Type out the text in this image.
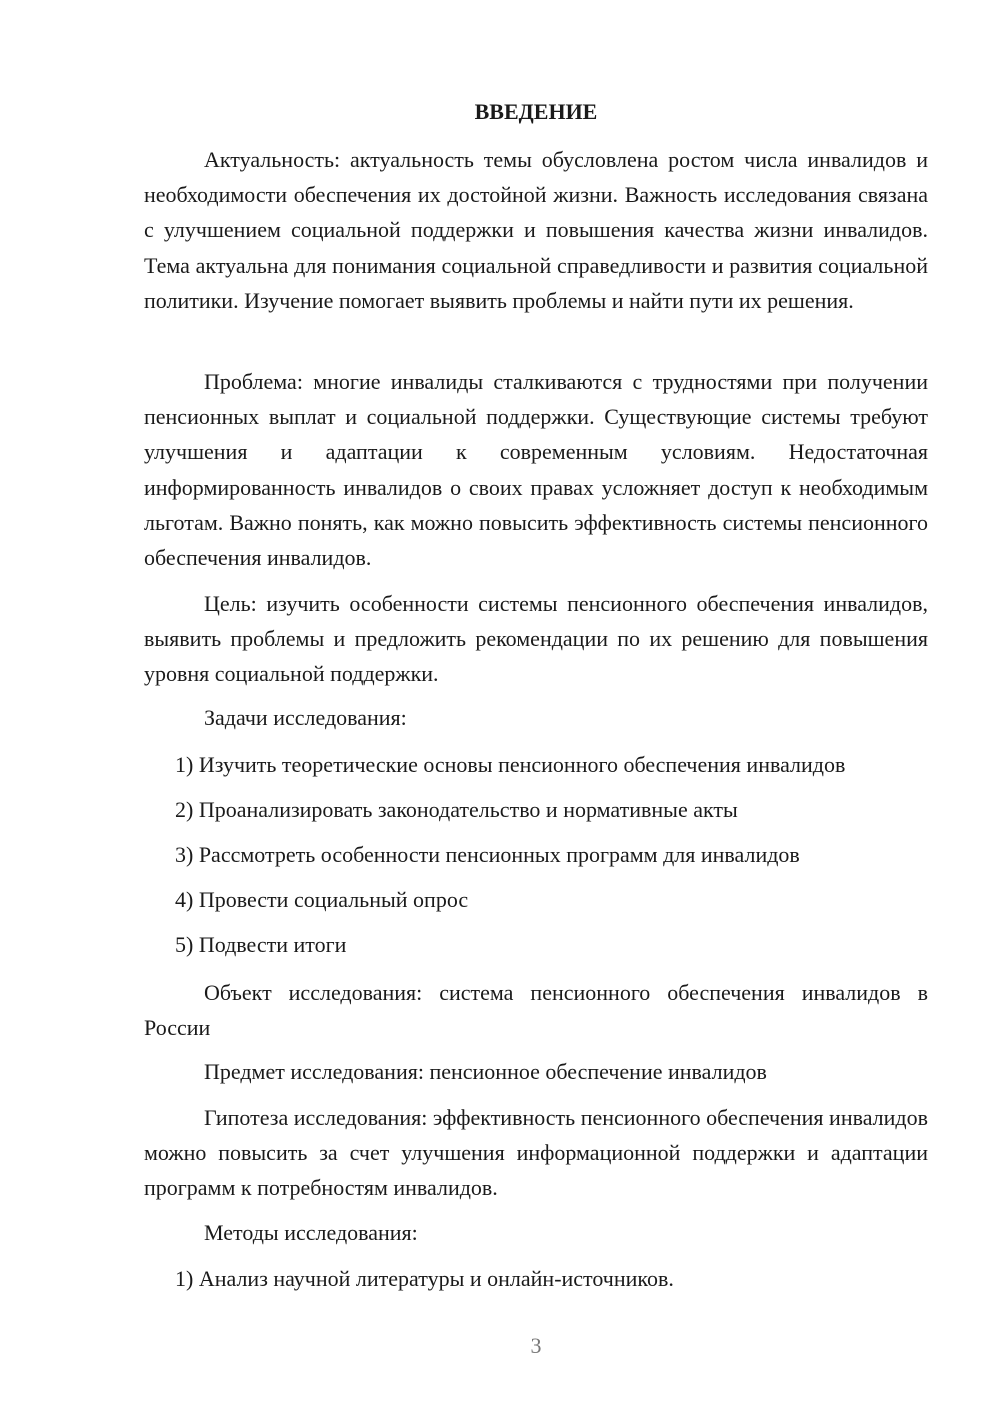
ВВЕДЕНИЕ

Актуальность: актуальность темы обусловлена ростом числа инвалидов и необходимости обеспечения их достойной жизни. Важность исследования связана с улучшением социальной поддержки и повышения качества жизни инвалидов. Тема актуальна для понимания социальной справедливости и развития социальной политики. Изучение помогает выявить проблемы и найти пути их решения.

Проблема: многие инвалиды сталкиваются с трудностями при получении пенсионных выплат и социальной поддержки. Существующие системы требуют улучшения и адаптации к современным условиям. Недостаточная информированность инвалидов о своих правах усложняет доступ к необходимым льготам. Важно понять, как можно повысить эффективность системы пенсионного обеспечения инвалидов.

Цель: изучить особенности системы пенсионного обеспечения инвалидов, выявить проблемы и предложить рекомендации по их решению для повышения уровня социальной поддержки.

Задачи исследования:
1) Изучить теоретические основы пенсионного обеспечения инвалидов
2) Проанализировать законодательство и нормативные акты
3) Рассмотреть особенности пенсионных программ для инвалидов
4) Провести социальный опрос
5) Подвести итоги

Объект исследования: система пенсионного обеспечения инвалидов в России

Предмет исследования: пенсионное обеспечение инвалидов

Гипотеза исследования: эффективность пенсионного обеспечения инвалидов можно повысить за счет улучшения информационной поддержки и адаптации программ к потребностям инвалидов.

Методы исследования:
1) Анализ научной литературы и онлайн-источников.
3
